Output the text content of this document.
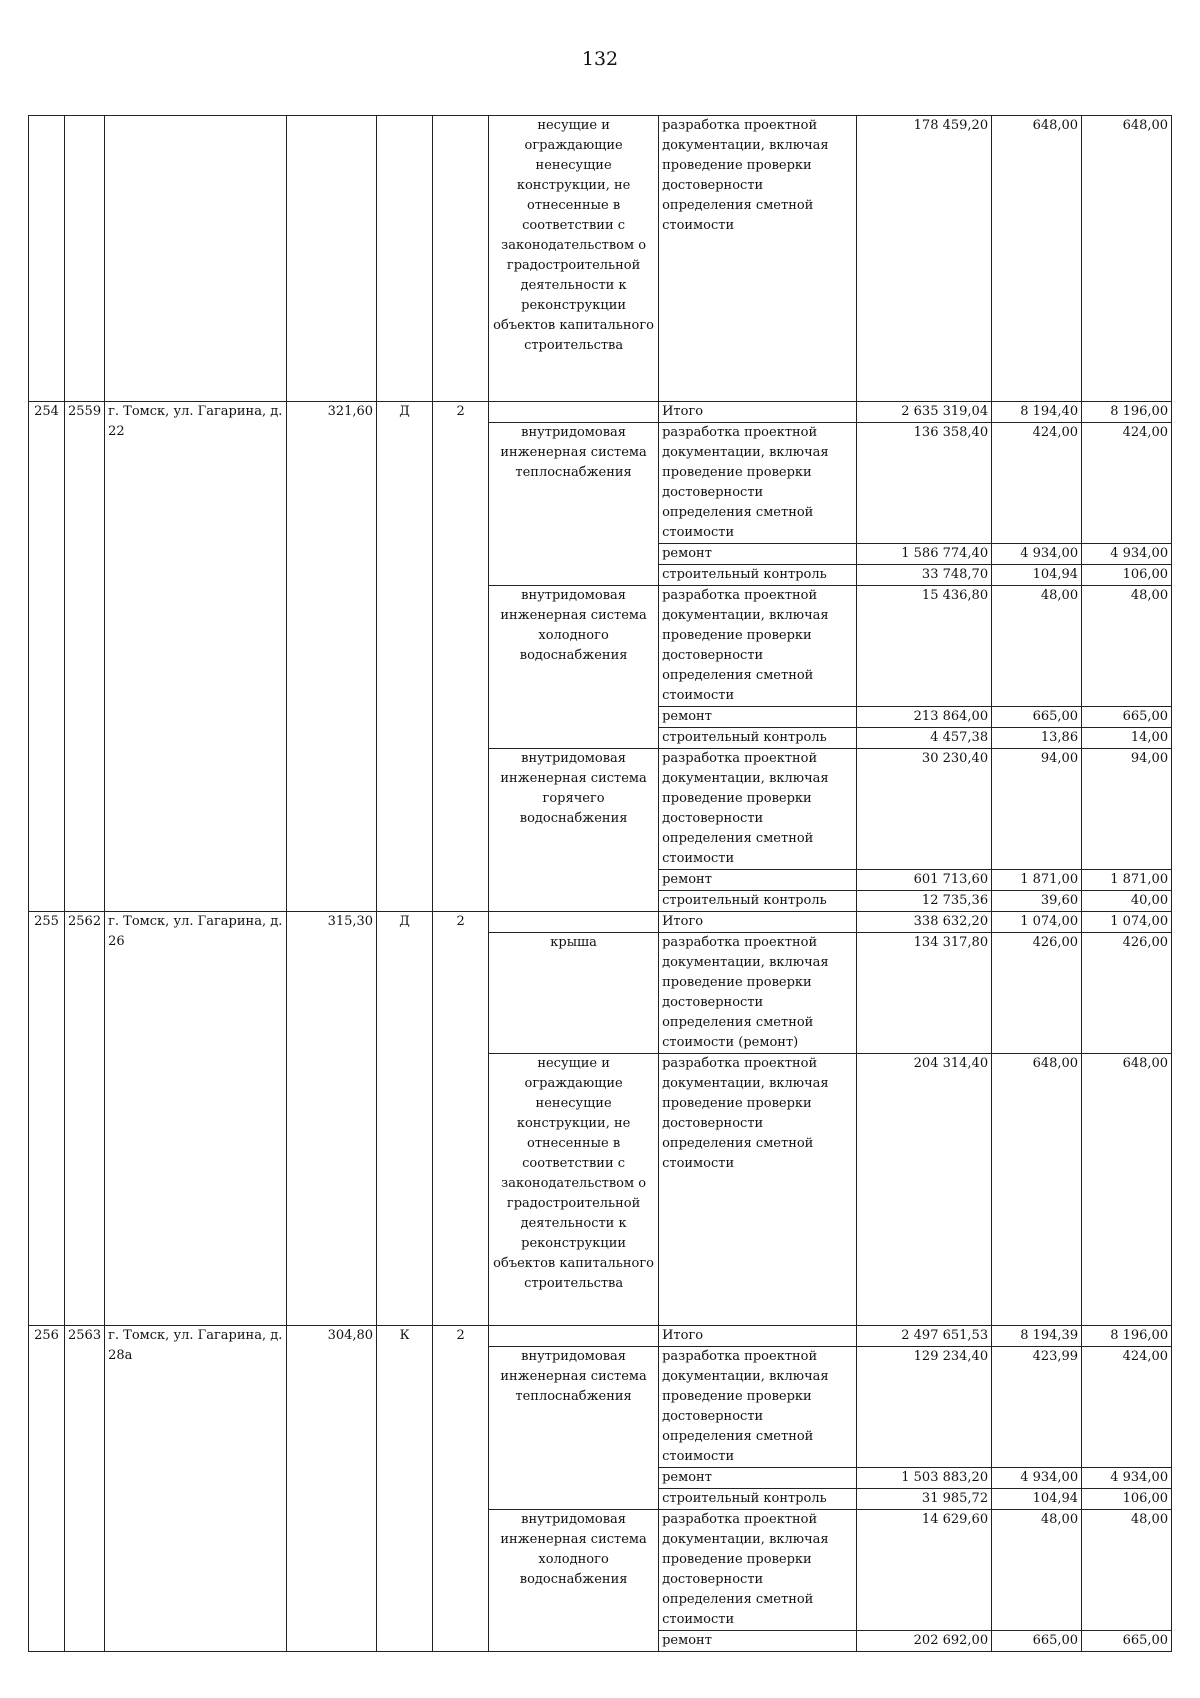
132
						несущие и ограждающие ненесущие конструкции, не отнесенные в соответствии с законодательством о градостроительной деятельности к реконструкции объектов капитального строительства	разработка проектной документации, включая проведение проверки достоверности определения сметной стоимости	178 459,20	648,00	648,00
254	2559	г. Томск, ул. Гагарина, д. 22	321,60	Д	2		Итого	2 635 319,04	8 194,40	8 196,00
						внутридомовая инженерная система теплоснабжения	разработка проектной документации, включая проведение проверки достоверности определения сметной стоимости	136 358,40	424,00	424,00
							ремонт	1 586 774,40	4 934,00	4 934,00
							строительный контроль	33 748,70	104,94	106,00
						внутридомовая инженерная система холодного водоснабжения	разработка проектной документации, включая проведение проверки достоверности определения сметной стоимости	15 436,80	48,00	48,00
							ремонт	213 864,00	665,00	665,00
							строительный контроль	4 457,38	13,86	14,00
						внутридомовая инженерная система горячего водоснабжения	разработка проектной документации, включая проведение проверки достоверности определения сметной стоимости	30 230,40	94,00	94,00
							ремонт	601 713,60	1 871,00	1 871,00
							строительный контроль	12 735,36	39,60	40,00
255	2562	г. Томск, ул. Гагарина, д. 26	315,30	Д	2		Итого	338 632,20	1 074,00	1 074,00
						крыша	разработка проектной документации, включая проведение проверки достоверности определения сметной стоимости (ремонт)	134 317,80	426,00	426,00
						несущие и ограждающие ненесущие конструкции, не отнесенные в соответствии с законодательством о градостроительной деятельности к реконструкции объектов капитального строительства	разработка проектной документации, включая проведение проверки достоверности определения сметной стоимости	204 314,40	648,00	648,00
256	2563	г. Томск, ул. Гагарина, д. 28а	304,80	К	2		Итого	2 497 651,53	8 194,39	8 196,00
						внутридомовая инженерная система теплоснабжения	разработка проектной документации, включая проведение проверки достоверности определения сметной стоимости	129 234,40	423,99	424,00
							ремонт	1 503 883,20	4 934,00	4 934,00
							строительный контроль	31 985,72	104,94	106,00
						внутридомовая инженерная система холодного водоснабжения	разработка проектной документации, включая проведение проверки достоверности определения сметной стоимости	14 629,60	48,00	48,00
							ремонт	202 692,00	665,00	665,00
